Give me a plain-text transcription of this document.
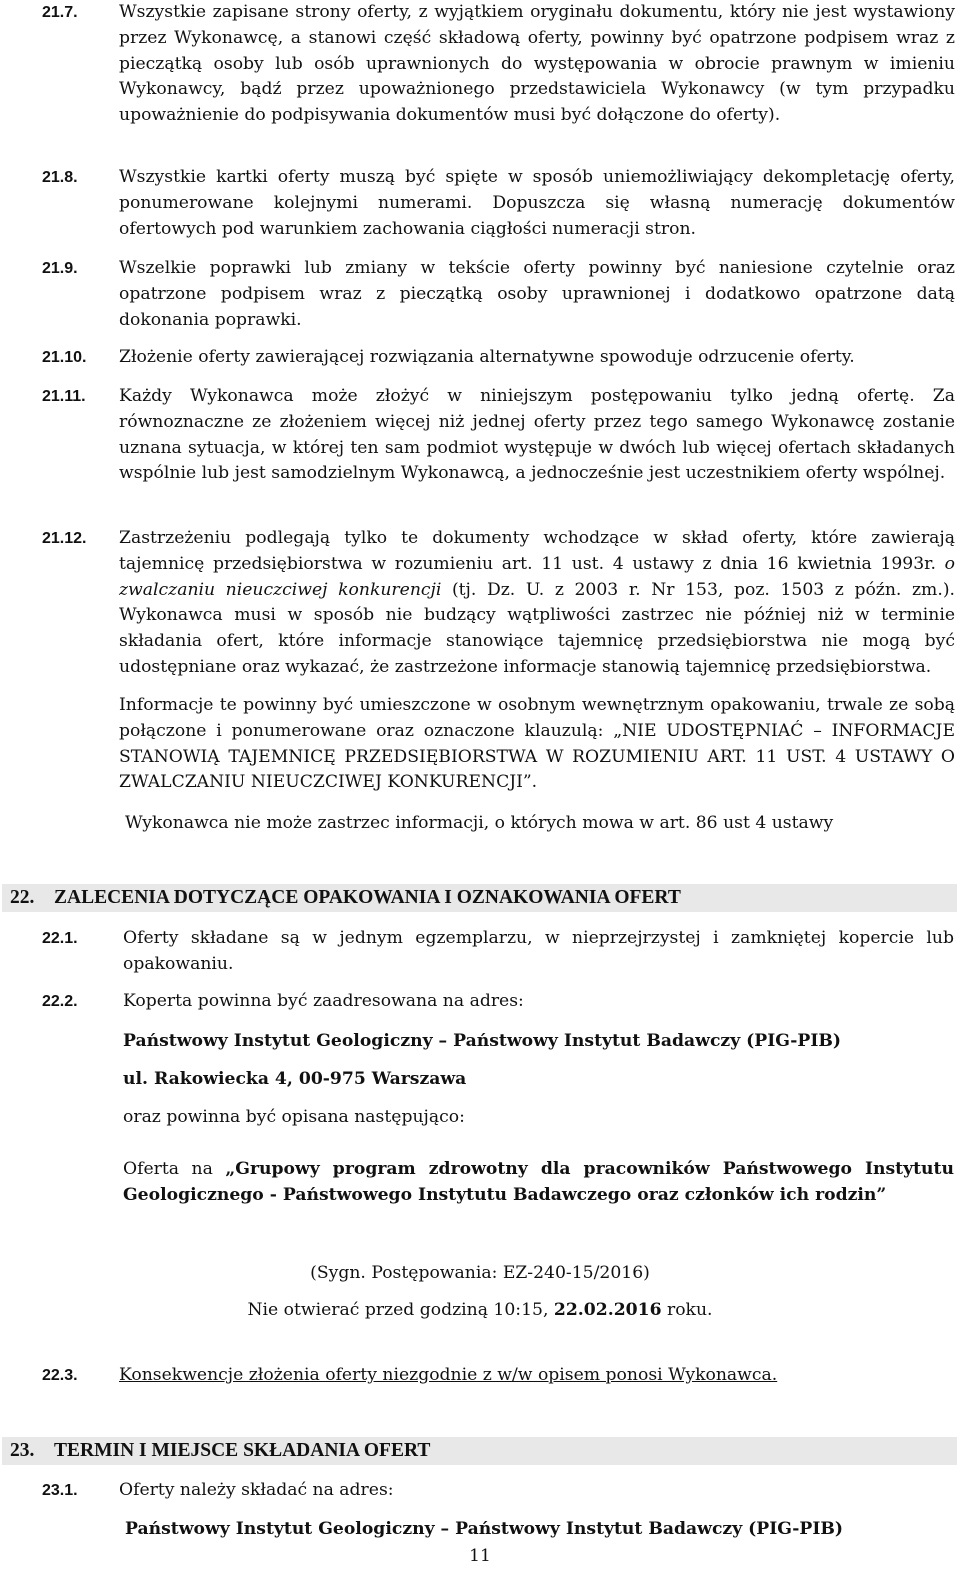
21.7. Wszystkie zapisane strony oferty, z wyjątkiem oryginału dokumentu, który nie jest wystawiony przez Wykonawcę, a stanowi część składową oferty, powinny być opatrzone podpisem wraz z pieczątką osoby lub osób uprawnionych do występowania w obrocie prawnym w imieniu Wykonawcy, bądź przez upoważnionego przedstawiciela Wykonawcy (w tym przypadku upoważnienie do podpisywania dokumentów musi być dołączone do oferty).
21.8. Wszystkie kartki oferty muszą być spięte w sposób uniemożliwiający dekompletację oferty, ponumerowane kolejnymi numerami. Dopuszcza się własną numerację dokumentów ofertowych pod warunkiem zachowania ciągłości numeracji stron.
21.9. Wszelkie poprawki lub zmiany w tekście oferty powinny być naniesione czytelnie oraz opatrzone podpisem wraz z pieczątką osoby uprawnionej i dodatkowo opatrzone datą dokonania poprawki.
21.10. Złożenie oferty zawierającej rozwiązania alternatywne spowoduje odrzucenie oferty.
21.11. Każdy Wykonawca może złożyć w niniejszym postępowaniu tylko jedną ofertę. Za równoznaczne ze złożeniem więcej niż jednej oferty przez tego samego Wykonawcę zostanie uznana sytuacja, w której ten sam podmiot występuje w dwóch lub więcej ofertach składanych wspólnie lub jest samodzielnym Wykonawcą, a jednocześnie jest uczestnikiem oferty wspólnej.
21.12. Zastrzeżeniu podlegają tylko te dokumenty wchodzące w skład oferty, które zawierają tajemnicę przedsiębiorstwa w rozumieniu art. 11 ust. 4 ustawy z dnia 16 kwietnia 1993r. o zwalczaniu nieuczciwej konkurencji (tj. Dz. U. z 2003 r. Nr 153, poz. 1503 z późn. zm.). Wykonawca musi w sposób nie budzący wątpliwości zastrzec nie później niż w terminie składania ofert, które informacje stanowiące tajemnicę przedsiębiorstwa nie mogą być udostępniane oraz wykazać, że zastrzeżone informacje stanowią tajemnicę przedsiębiorstwa.
Informacje te powinny być umieszczone w osobnym wewnętrznym opakowaniu, trwale ze sobą połączone i ponumerowane oraz oznaczone klauzulą: „NIE UDOSTĘPNIAĆ – INFORMACJE STANOWIĄ TAJEMNICĘ PRZEDSIĘBIORSTWA W ROZUMIENIU ART. 11 UST. 4 USTAWY O ZWALCZANIU NIEUCZCIWEJ KONKURENCJI”.
Wykonawca nie może zastrzec informacji, o których mowa w art. 86 ust 4 ustawy
22. ZALECENIA DOTYCZĄCE OPAKOWANIA I OZNAKOWANIA OFERT
22.1.	Oferty składane są w jednym egzemplarzu, w nieprzejrzystej i zamkniętej kopercie lub opakowaniu.
22.2.	Koperta powinna być zaadresowana na adres:
Państwowy Instytut Geologiczny – Państwowy Instytut Badawczy (PIG-PIB)
ul. Rakowiecka 4, 00-975 Warszawa
oraz powinna być opisana następująco:
Oferta na „Grupowy program zdrowotny dla pracowników Państwowego Instytutu Geologicznego - Państwowego Instytutu Badawczego oraz członków ich rodzin”
(Sygn. Postępowania: EZ-240-15/2016)
Nie otwierać przed godziną 10:15, 22.02.2016 roku.
22.3. Konsekwencje złożenia oferty niezgodnie z w/w opisem ponosi Wykonawca.
23. TERMIN I MIEJSCE SKŁADANIA OFERT
23.1. Oferty należy składać na adres:
Państwowy Instytut Geologiczny – Państwowy Instytut Badawczy (PIG-PIB)
11
